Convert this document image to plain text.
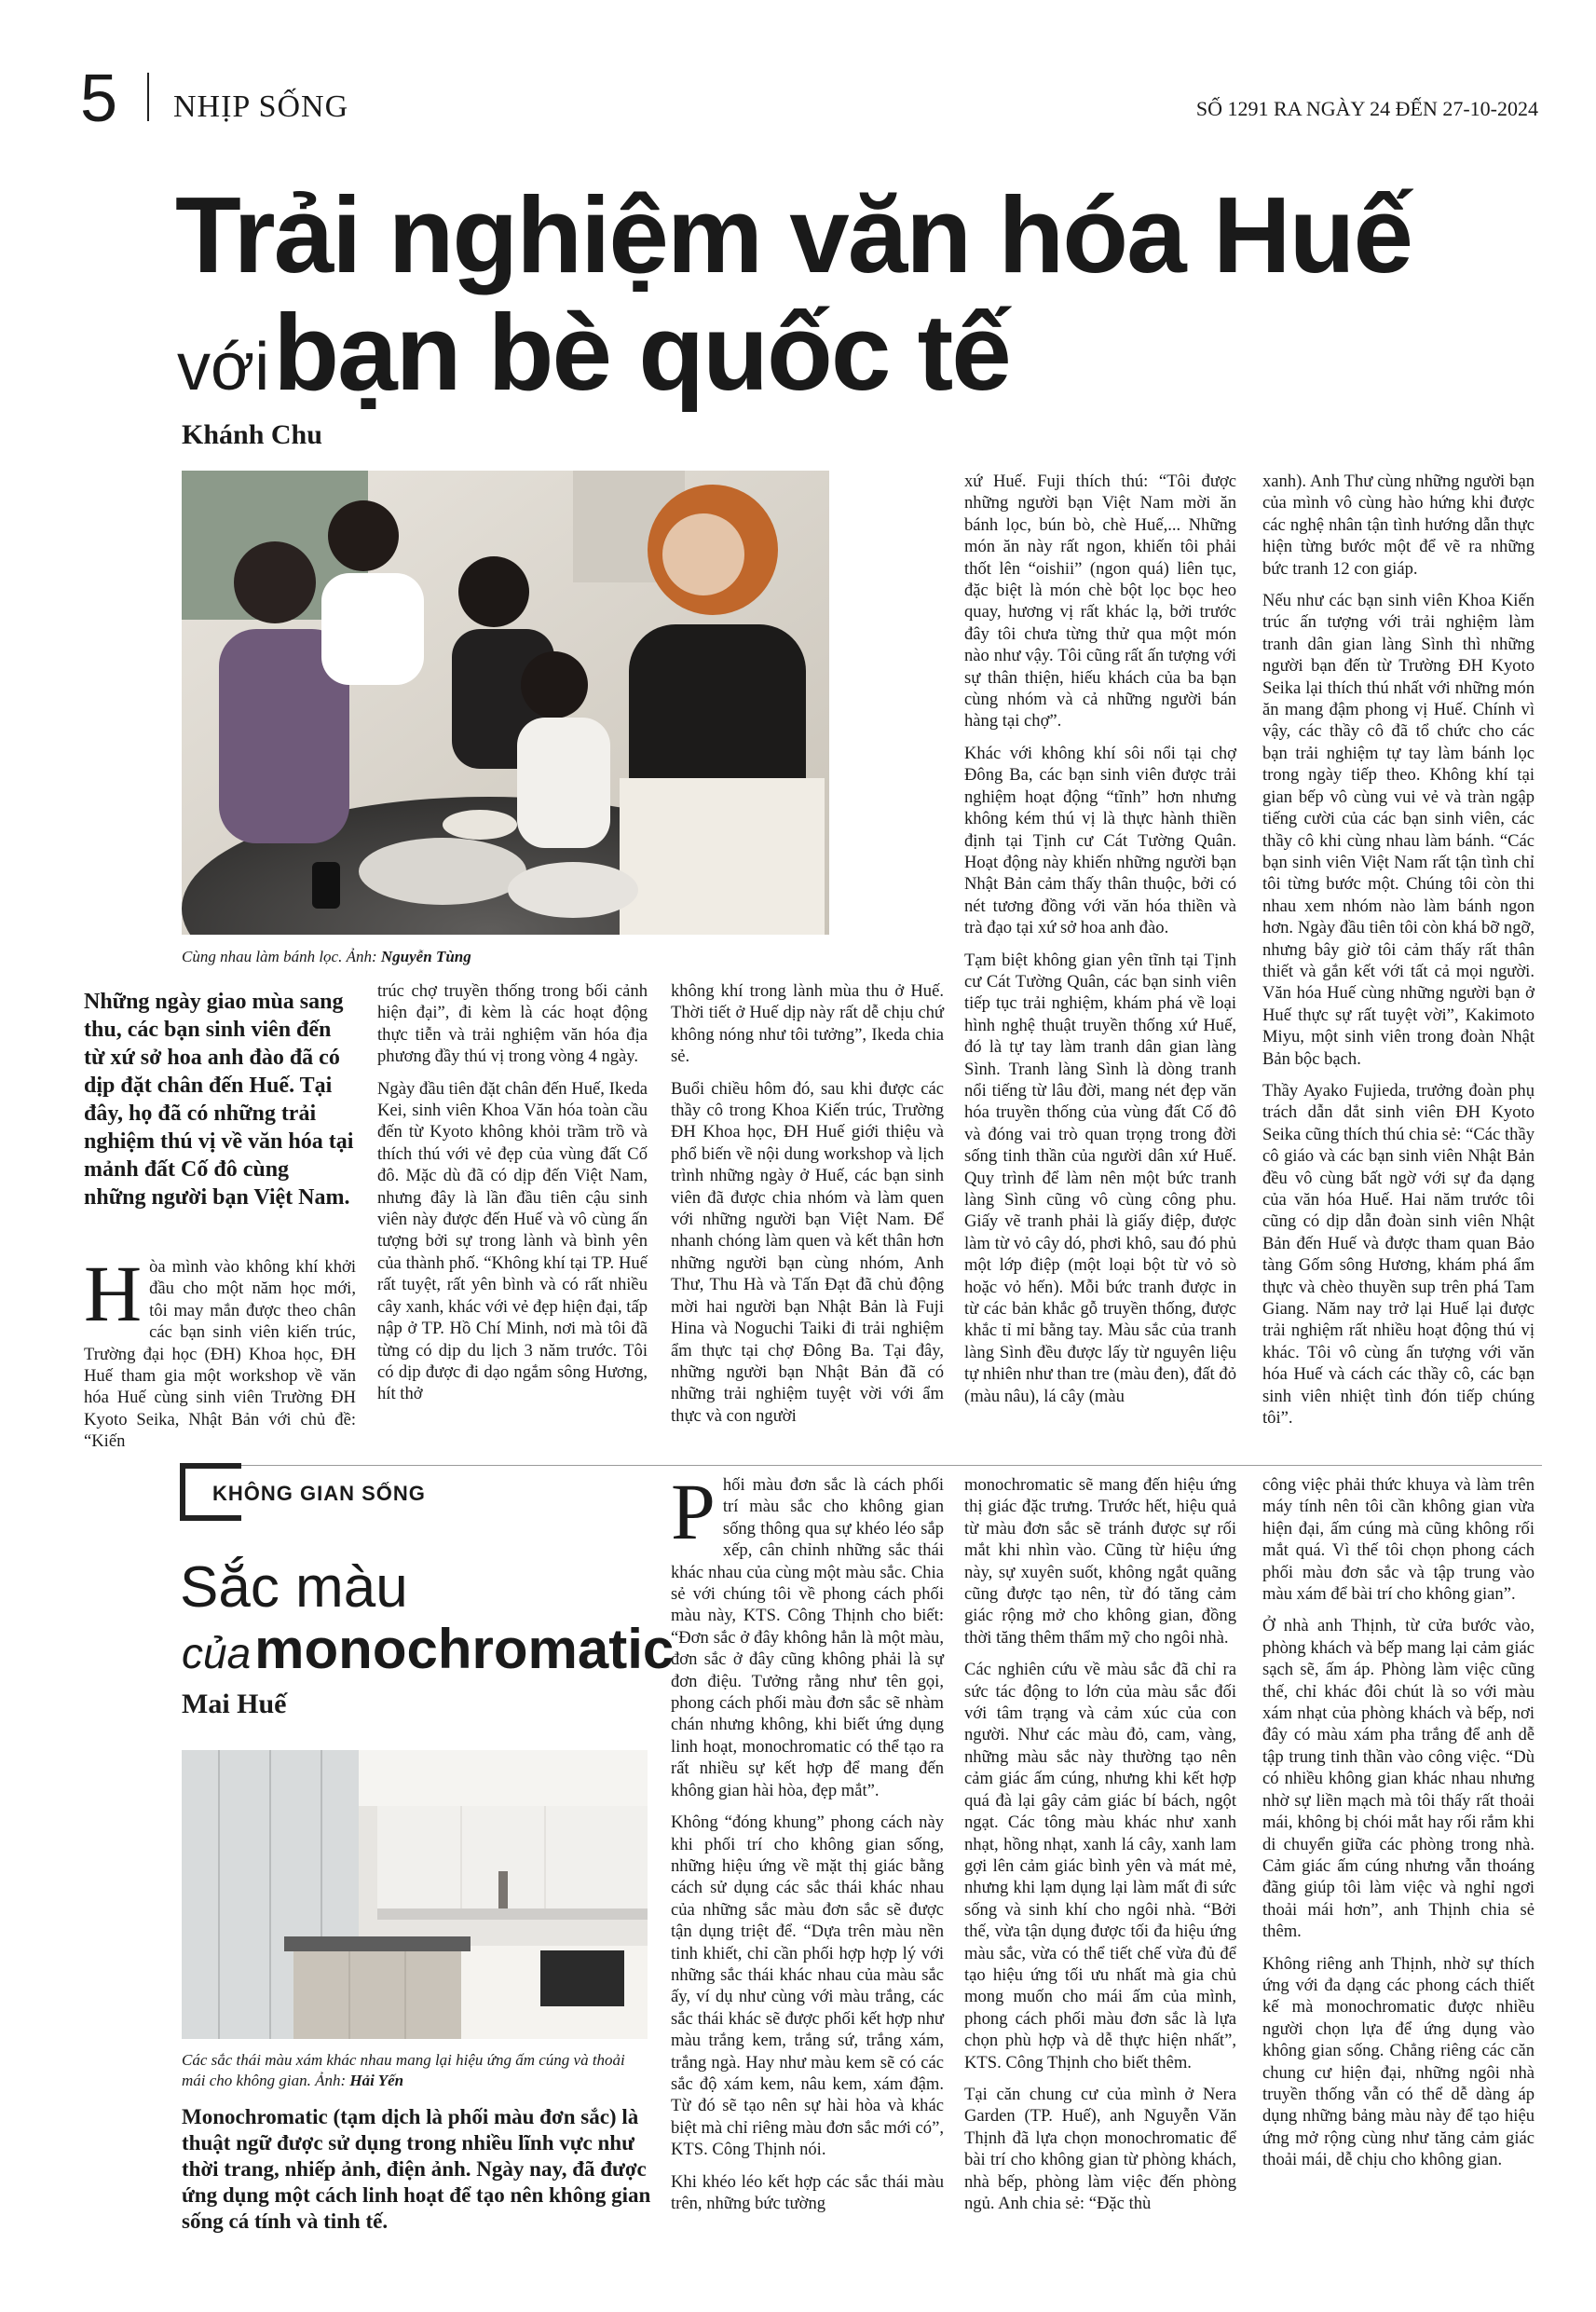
5 NHỊP SỐNG	SỐ 1291 RA NGÀY 24 ĐẾN 27-10-2024
Trải nghiệm văn hóa Huế
với bạn bè quốc tế
Khánh Chu
Cùng nhau làm bánh lọc. Ảnh: Nguyễn Tùng
Những ngày giao mùa sang thu, các bạn sinh viên đến từ xứ sở hoa anh đào đã có dịp đặt chân đến Huế. Tại đây, họ đã có những trải nghiệm thú vị về văn hóa tại mảnh đất Cố đô cùng những người bạn Việt Nam.

Hòa mình vào không khí khởi đầu cho một năm học mới, tôi may mắn được theo chân các bạn sinh viên kiến trúc, Trường đại học (ĐH) Khoa học, ĐH Huế tham gia một workshop về văn hóa Huế cùng sinh viên Trường ĐH Kyoto Seika, Nhật Bản với chủ đề: “Kiến

trúc chợ truyền thống trong bối cảnh hiện đại”, đi kèm là các hoạt động thực tiễn và trải nghiệm văn hóa địa phương đầy thú vị trong vòng 4 ngày.

Ngày đầu tiên đặt chân đến Huế, Ikeda Kei, sinh viên Khoa Văn hóa toàn cầu đến từ Kyoto không khỏi trầm trồ và thích thú với vẻ đẹp của vùng đất Cố đô. Mặc dù đã có dịp đến Việt Nam, nhưng đây là lần đầu tiên cậu sinh viên này được đến Huế và vô cùng ấn tượng bởi sự trong lành và bình yên của thành phố. “Không khí tại TP. Huế rất tuyệt, rất yên bình và có rất nhiều cây xanh, khác với vẻ đẹp hiện đại, tấp nập ở TP. Hồ Chí Minh, nơi mà tôi đã từng có dịp du lịch 3 năm trước. Tôi có dịp được đi dạo ngắm sông Hương, hít thở

không khí trong lành mùa thu ở Huế. Thời tiết ở Huế dịp này rất dễ chịu chứ không nóng như tôi tưởng”, Ikeda chia sẻ.

Buổi chiều hôm đó, sau khi được các thầy cô trong Khoa Kiến trúc, Trường ĐH Khoa học, ĐH Huế giới thiệu và phổ biến về nội dung workshop và lịch trình những ngày ở Huế, các bạn sinh viên đã được chia nhóm và làm quen với những người bạn Việt Nam. Để nhanh chóng làm quen và kết thân hơn những người bạn cùng nhóm, Anh Thư, Thu Hà và Tấn Đạt đã chủ động mời hai người bạn Nhật Bản là Fuji Hina và Noguchi Taiki đi trải nghiệm ẩm thực tại chợ Đông Ba. Tại đây, những người bạn Nhật Bản đã có những trải nghiệm tuyệt vời với ẩm thực và con người

xứ Huế. Fuji thích thú: “Tôi được những người bạn Việt Nam mời ăn bánh lọc, bún bò, chè Huế,... Những món ăn này rất ngon, khiến tôi phải thốt lên “oishii” (ngon quá) liên tục, đặc biệt là món chè bột lọc bọc heo quay, hương vị rất khác lạ, bởi trước đây tôi chưa từng thử qua một món nào như vậy. Tôi cũng rất ấn tượng với sự thân thiện, hiếu khách của ba bạn cùng nhóm và cả những người bán hàng tại chợ”.

Khác với không khí sôi nổi tại chợ Đông Ba, các bạn sinh viên được trải nghiệm hoạt động “tĩnh” hơn nhưng không kém thú vị là thực hành thiền định tại Tịnh cư Cát Tường Quân. Hoạt động này khiến những người bạn Nhật Bản cảm thấy thân thuộc, bởi có nét tương đồng với văn hóa thiền và trà đạo tại xứ sở hoa anh đào.

Tạm biệt không gian yên tĩnh tại Tịnh cư Cát Tường Quân, các bạn sinh viên tiếp tục trải nghiệm, khám phá về loại hình nghệ thuật truyền thống xứ Huế, đó là tự tay làm tranh dân gian làng Sình. Tranh làng Sình là dòng tranh nổi tiếng từ lâu đời, mang nét đẹp văn hóa truyền thống của vùng đất Cố đô và đóng vai trò quan trọng trong đời sống tinh thần của người dân xứ Huế. Quy trình để làm nên một bức tranh làng Sình cũng vô cùng công phu. Giấy vẽ tranh phải là giấy điệp, được làm từ vỏ cây dó, phơi khô, sau đó phủ một lớp điệp (một loại bột từ vỏ sò hoặc vỏ hến). Mỗi bức tranh được in từ các bản khắc gỗ truyền thống, được khắc tỉ mỉ bằng tay. Màu sắc của tranh làng Sình đều được lấy từ nguyên liệu tự nhiên như than tre (màu đen), đất đỏ (màu nâu), lá cây (màu

xanh). Anh Thư cùng những người bạn của mình vô cùng hào hứng khi được các nghệ nhân tận tình hướng dẫn thực hiện từng bước một để vẽ ra những bức tranh 12 con giáp.

Nếu như các bạn sinh viên Khoa Kiến trúc ấn tượng với trải nghiệm làm tranh dân gian làng Sình thì những người bạn đến từ Trường ĐH Kyoto Seika lại thích thú nhất với những món ăn mang đậm phong vị Huế. Chính vì vậy, các thầy cô đã tổ chức cho các bạn trải nghiệm tự tay làm bánh lọc trong ngày tiếp theo. Không khí tại gian bếp vô cùng vui vẻ và tràn ngập tiếng cười của các bạn sinh viên, các thầy cô khi cùng nhau làm bánh. “Các bạn sinh viên Việt Nam rất tận tình chỉ tôi từng bước một. Chúng tôi còn thi nhau xem nhóm nào làm bánh ngon hơn. Ngày đầu tiên tôi còn khá bỡ ngỡ, nhưng bây giờ tôi cảm thấy rất thân thiết và gắn kết với tất cả mọi người. Văn hóa Huế cùng những người bạn ở Huế thực sự rất tuyệt vời”, Kakimoto Miyu, một sinh viên trong đoàn Nhật Bản bộc bạch.

Thầy Ayako Fujieda, trưởng đoàn phụ trách dẫn dắt sinh viên ĐH Kyoto Seika cũng thích thú chia sẻ: “Các thầy cô giáo và các bạn sinh viên Nhật Bản đều vô cùng bất ngờ với sự đa dạng của văn hóa Huế. Hai năm trước tôi cũng có dịp dẫn đoàn sinh viên Nhật Bản đến Huế và được tham quan Bảo tàng Gốm sông Hương, khám phá ẩm thực và chèo thuyền sup trên phá Tam Giang. Năm nay trở lại Huế lại được trải nghiệm rất nhiều hoạt động thú vị khác. Tôi vô cùng ấn tượng với văn hóa Huế và cách các thầy cô, các bạn sinh viên nhiệt tình đón tiếp chúng tôi”.

KHÔNG GIAN SỐNG
Sắc màu
của monochromatic
Mai Huế
Các sắc thái màu xám khác nhau mang lại hiệu ứng ấm cúng và thoải mái cho không gian. Ảnh: Hải Yến
Monochromatic (tạm dịch là phối màu đơn sắc) là thuật ngữ được sử dụng trong nhiều lĩnh vực như thời trang, nhiếp ảnh, điện ảnh. Ngày nay, đã được ứng dụng một cách linh hoạt để tạo nên không gian sống cá tính và tinh tế.

Phối màu đơn sắc là cách phối trí màu sắc cho không gian sống thông qua sự khéo léo sắp xếp, cân chỉnh những sắc thái khác nhau của cùng một màu sắc. Chia sẻ với chúng tôi về phong cách phối màu này, KTS. Công Thịnh cho biết: “Đơn sắc ở đây không hẳn là một màu, đơn sắc ở đây cũng không phải là sự đơn điệu. Tưởng rằng như tên gọi, phong cách phối màu đơn sắc sẽ nhàm chán nhưng không, khi biết ứng dụng linh hoạt, monochromatic có thể tạo ra rất nhiều sự kết hợp để mang đến không gian hài hòa, đẹp mắt”.

Không “đóng khung” phong cách này khi phối trí cho không gian sống, những hiệu ứng về mặt thị giác bằng cách sử dụng các sắc thái khác nhau của những sắc màu đơn sắc sẽ được tận dụng triệt để. “Dựa trên màu nền tinh khiết, chỉ cần phối hợp hợp lý với những sắc thái khác nhau của màu sắc ấy, ví dụ như cùng với màu trắng, các sắc thái khác sẽ được phối kết hợp như màu trắng kem, trắng sứ, trắng xám, trắng ngà. Hay như màu kem sẽ có các sắc độ xám kem, nâu kem, xám đậm. Từ đó sẽ tạo nên sự hài hòa và khác biệt mà chỉ riêng màu đơn sắc mới có”, KTS. Công Thịnh nói.

Khi khéo léo kết hợp các sắc thái màu trên, những bức tường

monochromatic sẽ mang đến hiệu ứng thị giác đặc trưng. Trước hết, hiệu quả từ màu đơn sắc sẽ tránh được sự rối mắt khi nhìn vào. Cũng từ hiệu ứng này, sự xuyên suốt, không ngắt quãng cũng được tạo nên, từ đó tăng cảm giác rộng mở cho không gian, đồng thời tăng thêm thẩm mỹ cho ngôi nhà.

Các nghiên cứu về màu sắc đã chỉ ra sức tác động to lớn của màu sắc đối với tâm trạng và cảm xúc của con người. Như các màu đỏ, cam, vàng, những màu sắc này thường tạo nên cảm giác ấm cúng, nhưng khi kết hợp quá đà lại gây cảm giác bí bách, ngột ngạt. Các tông màu khác như xanh nhạt, hồng nhạt, xanh lá cây, xanh lam gợi lên cảm giác bình yên và mát mẻ, nhưng khi lạm dụng lại làm mất đi sức sống và sinh khí cho ngôi nhà. “Bởi thế, vừa tận dụng được tối đa hiệu ứng màu sắc, vừa có thể tiết chế vừa đủ để tạo hiệu ứng tối ưu nhất mà gia chủ mong muốn cho mái ấm của mình, phong cách phối màu đơn sắc là lựa chọn phù hợp và dễ thực hiện nhất”, KTS. Công Thịnh cho biết thêm.

Tại căn chung cư của mình ở Nera Garden (TP. Huế), anh Nguyễn Văn Thịnh đã lựa chọn monochromatic để bài trí cho không gian từ phòng khách, nhà bếp, phòng làm việc đến phòng ngủ. Anh chia sẻ: “Đặc thù

công việc phải thức khuya và làm trên máy tính nên tôi cần không gian vừa hiện đại, ấm cúng mà cũng không rối mắt quá. Vì thế tôi chọn phong cách phối màu đơn sắc và tập trung vào màu xám để bài trí cho không gian”.

Ở nhà anh Thịnh, từ cửa bước vào, phòng khách và bếp mang lại cảm giác sạch sẽ, ấm áp. Phòng làm việc cũng thế, chỉ khác đôi chút là so với màu xám nhạt của phòng khách và bếp, nơi đây có màu xám pha trắng để anh dễ tập trung tinh thần vào công việc. “Dù có nhiều không gian khác nhau nhưng nhờ sự liền mạch mà tôi thấy rất thoải mái, không bị chói mắt hay rối rắm khi di chuyển giữa các phòng trong nhà. Cảm giác ấm cúng nhưng vẫn thoáng đãng giúp tôi làm việc và nghỉ ngơi thoải mái hơn”, anh Thịnh chia sẻ thêm.

Không riêng anh Thịnh, nhờ sự thích ứng với đa dạng các phong cách thiết kế mà monochromatic được nhiều người chọn lựa để ứng dụng vào không gian sống. Chẳng riêng các căn chung cư hiện đại, những ngôi nhà truyền thống vẫn có thể dễ dàng áp dụng những bảng màu này để tạo hiệu ứng mở rộng cùng như tăng cảm giác thoải mái, dễ chịu cho không gian.
